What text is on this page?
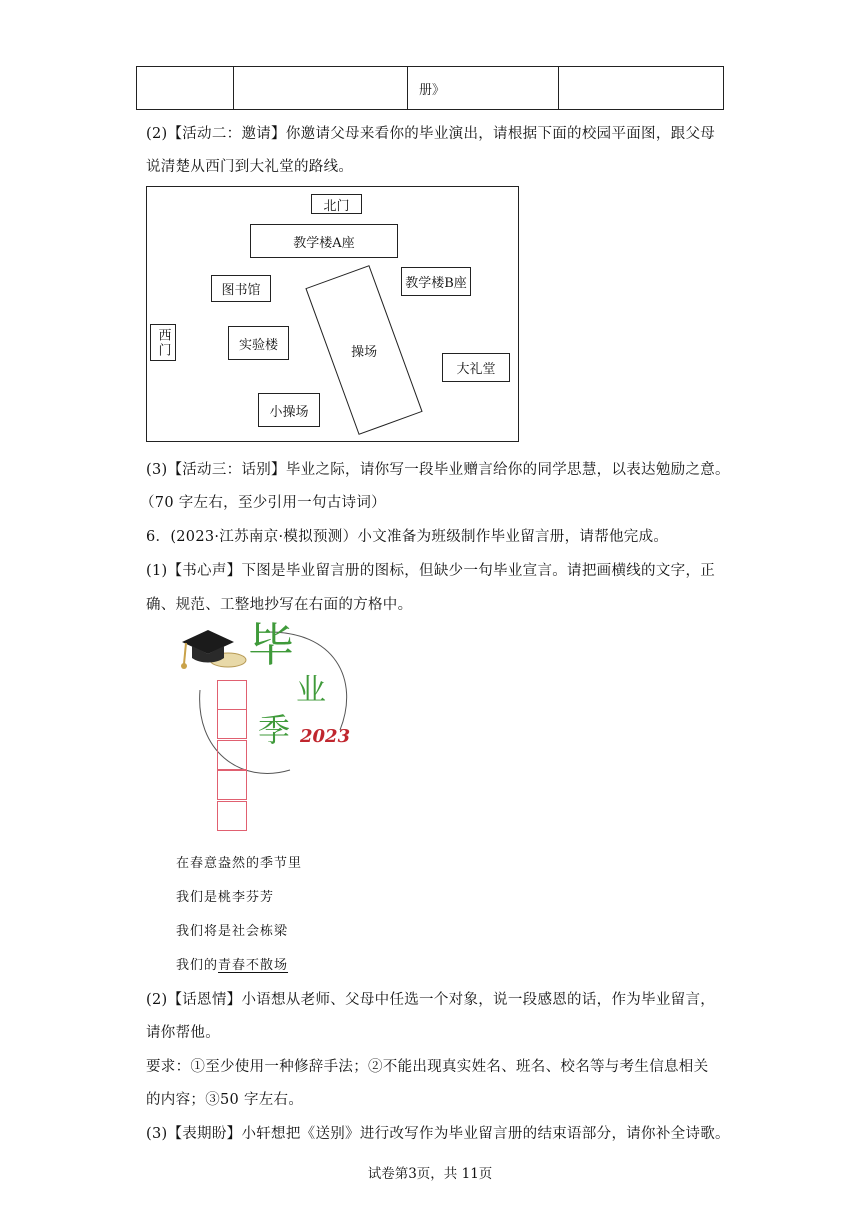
册》
(2)【活动二：邀请】你邀请父母来看你的毕业演出，请根据下面的校园平面图，跟父母
说清楚从西门到大礼堂的路线。
北门
教学楼A座
图书馆	教学楼B座
西门	实验楼	操场
大礼堂
小操场
(3)【活动三：话别】毕业之际，请你写一段毕业赠言给你的同学思慧，以表达勉励之意。
（70 字左右，至少引用一句古诗词）
6．(2023·江苏南京·模拟预测）小文准备为班级制作毕业留言册，请帮他完成。
(1)【书心声】下图是毕业留言册的图标，但缺少一句毕业宣言。请把画横线的文字，正
确、规范、工整地抄写在右面的方格中。
毕
业
季 2023
在春意盎然的季节里
我们是桃李芬芳
我们将是社会栋梁
我们的青春不散场
(2)【话恩情】小语想从老师、父母中任选一个对象，说一段感恩的话，作为毕业留言，
请你帮他。
要求：①至少使用一种修辞手法；②不能出现真实姓名、班名、校名等与考生信息相关
的内容；③50 字左右。
(3)【表期盼】小轩想把《送别》进行改写作为毕业留言册的结束语部分，请你补全诗歌。
试卷第3页，共 11页
